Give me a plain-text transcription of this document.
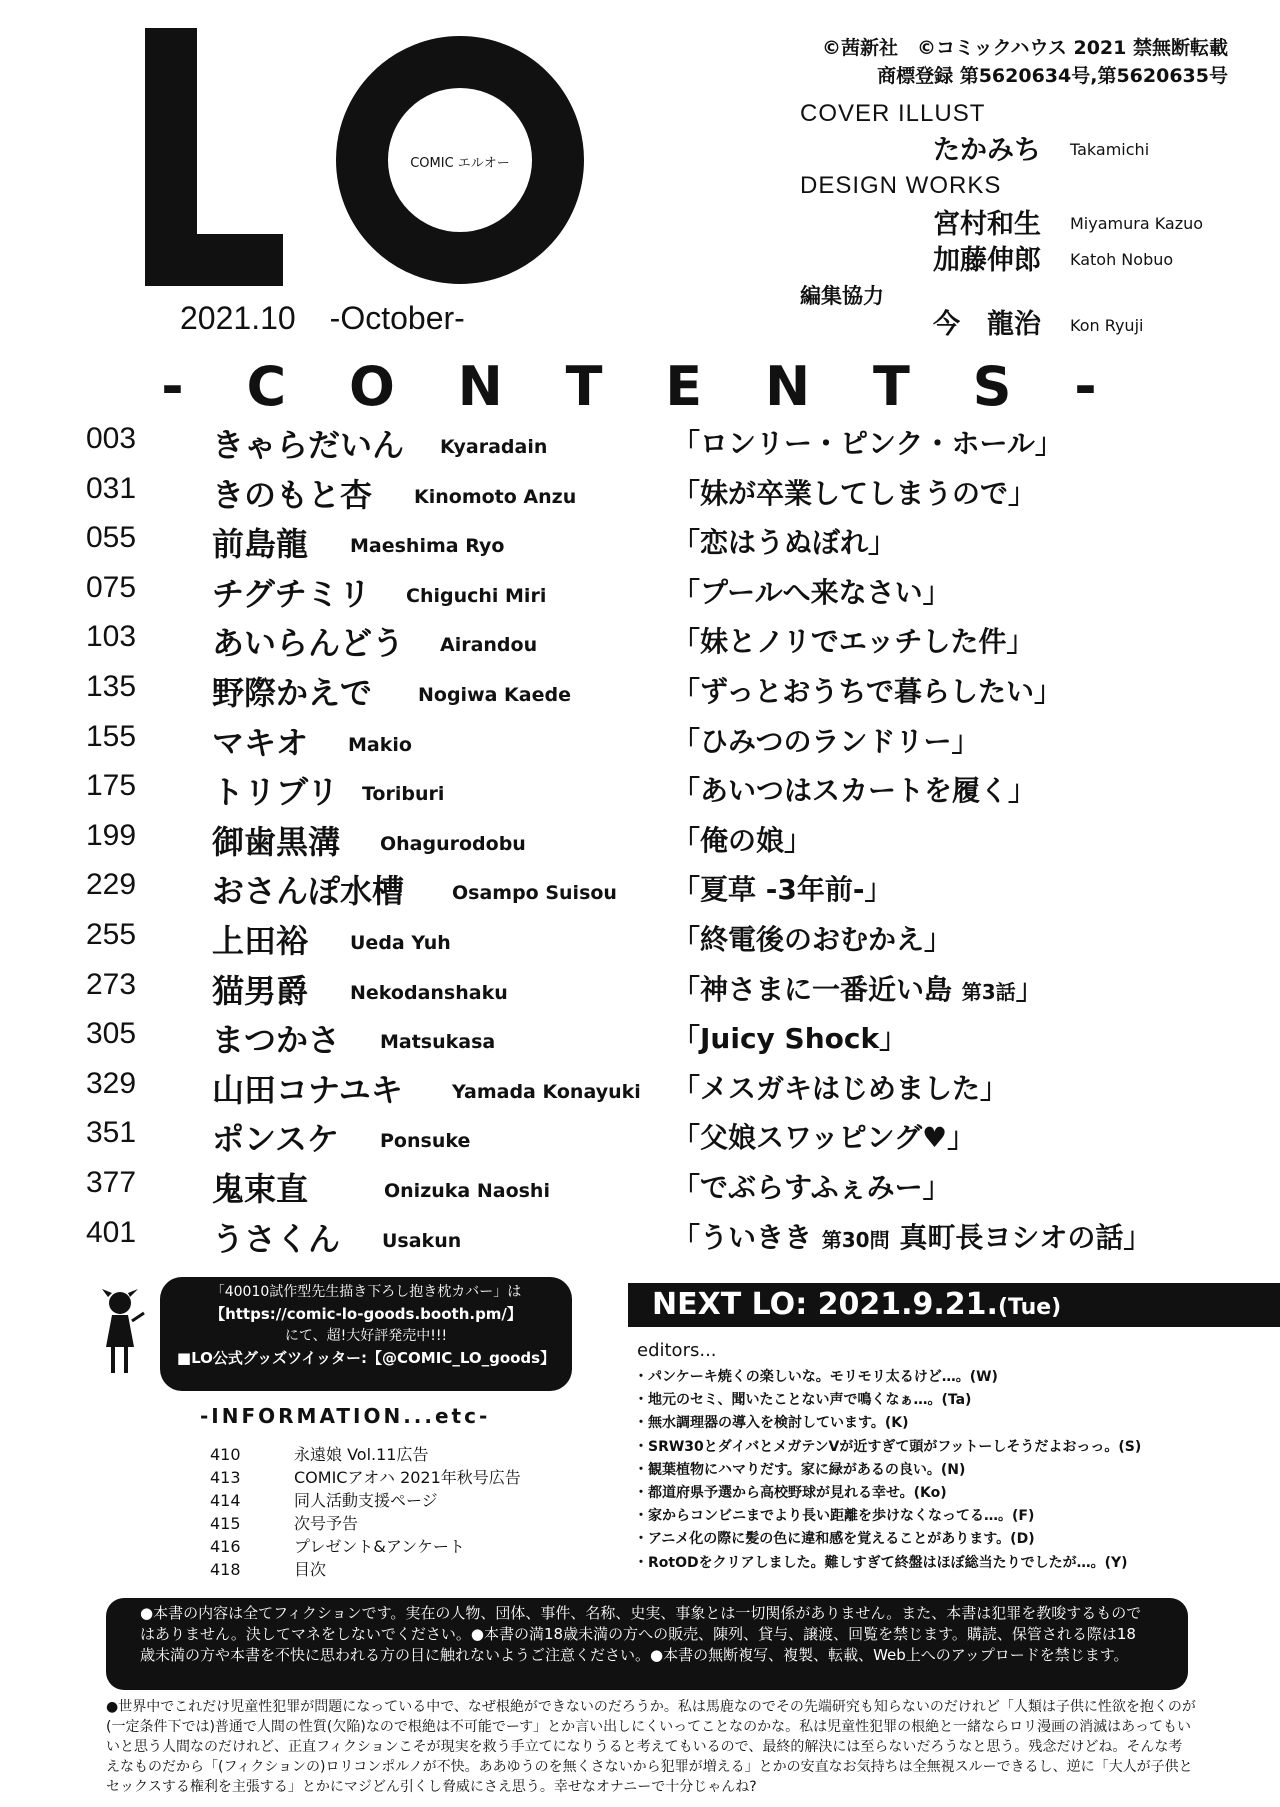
COMIC エルオー
2021.10 -October-
©茜新社　©コミックハウス 2021 禁無断転載
商標登録 第5620634号,第5620635号
COVER ILLUST
たかみち Takamichi
DESIGN WORKS
宮村和生 Miyamura Kazuo
加藤伸郎 Katoh Nobuo
編集協力
今　龍治 Kon Ryuji
- C O N T E N T S -
003 きゃらだいん Kyaradain	「ロンリー・ピンク・ホール」
031 きのもと杏 Kinomoto Anzu	「妹が卒業してしまうので」
055 前島龍 Maeshima Ryo	「恋はうぬぼれ」
075 チグチミリ Chiguchi Miri	「プールへ来なさい」
103 あいらんどう Airandou	「妹とノリでエッチした件」
135 野際かえで Nogiwa Kaede	「ずっとおうちで暮らしたい」
155 マキオ Makio	「ひみつのランドリー」
175 トリブリ Toriburi	「あいつはスカートを履く」
199 御歯黒溝 Ohagurodobu	「俺の娘」
229 おさんぽ水槽	Osampo Suisou 「夏草 -3年前-」
255 上田裕 Ueda Yuh	「終電後のおむかえ」
273 猫男爵 Nekodanshaku	「神さまに一番近い島 第3話」
305 まつかさ Matsukasa	「Juicy Shock」
329 山田コナユキ	Yamada Konayuki 「メスガキはじめました」
351 ポンスケ Ponsuke	「父娘スワッピング♥」
377 鬼束直	Onizuka Naoshi	「でぶらすふぇみー」
401 うさくん Usakun	「ういきき 第30問 真町長ヨシオの話」
「40010試作型先生描き下ろし抱き枕カバー」は
【https://comic-lo-goods.booth.pm/】
にて、超!大好評発売中!!!
■LO公式グッズツイッター:【@COMIC_LO_goods】
-INFORMATION...etc-
410	永遠娘 Vol.11広告
413	COMICアオハ 2021年秋号広告
414	同人活動支援ページ
415	次号予告
416	プレゼント&アンケート
418	目次
NEXT LO: 2021.9.21.(Tue)
editors...
・パンケーキ焼くの楽しいな。モリモリ太るけど…。(W)
・地元のセミ、聞いたことない声で鳴くなぁ…。(Ta)
・無水調理器の導入を検討しています。(K)
・SRW30とダイバとメガテンVが近すぎて頭がフットーしそうだよおっっ。(S)
・観葉植物にハマりだす。家に緑があるの良い。(N)
・都道府県予選から高校野球が見れる幸せ。(Ko)
・家からコンビニまでより長い距離を歩けなくなってる…。(F)
・アニメ化の際に髪の色に違和感を覚えることがあります。(D)
・RotODをクリアしました。難しすぎて終盤はほぼ総当たりでしたが…。(Y)
●本書の内容は全てフィクションです。実在の人物、団体、事件、名称、史実、事象とは一切関係がありません。また、本書は犯罪を教唆するものではありません。決してマネをしないでください。●本書の満18歳未満の方への販売、陳列、貸与、譲渡、回覧を禁じます。購読、保管される際は18歳未満の方や本書を不快に思われる方の目に触れないようご注意ください。●本書の無断複写、複製、転載、Web上へのアップロードを禁じます。
●世界中でこれだけ児童性犯罪が問題になっている中で、なぜ根絶ができないのだろうか。私は馬鹿なのでその先端研究も知らないのだけれど「人類は子供に性欲を抱くのが(一定条件下では)普通で人間の性質(欠陥)なので根絶は不可能でーす」とか言い出しにくいってことなのかな。私は児童性犯罪の根絶と一緒ならロリ漫画の消滅はあってもいいと思う人間なのだけれど、正直フィクションこそが現実を救う手立てになりうると考えてもいるので、最終的解決には至らないだろうなと思う。残念だけどね。そんな考えなものだから「(フィクションの)ロリコンポルノが不快。ああゆうのを無くさないから犯罪が増える」とかの安直なお気持ちは全無視スルーできるし、逆に「大人が子供とセックスする権利を主張する」とかにマジどん引くし脅威にさえ思う。幸せなオナニーで十分じゃんね?
